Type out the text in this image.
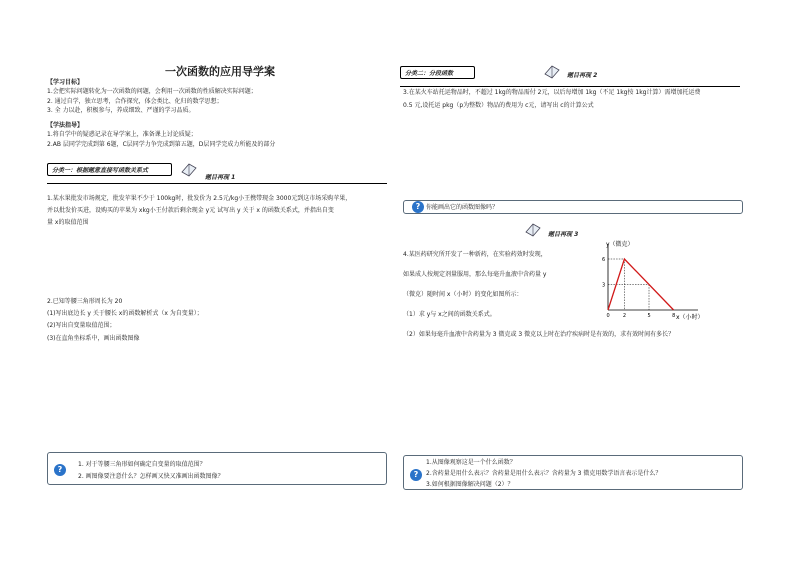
一次函数的应用导学案
【学习目标】
1.会把实际问题转化为一次函数的问题，会利用一次函数的性质解决实际问题；
2. 通过自学，独立思考，合作探究，体会类比、化归的数学思想；
3. 全 力以赴，积极参与，养成细致、严谨的学习品质。
【学法指导】
1.将自学中的疑惑记录在导学案上，准备课上讨论质疑；
2.AB 层同学完成到第 6题，C层同学力争完成到第五题，D层同学完成力所能及的部分
分类一：根据题意直接写函数关系式
题目再现 1
1.某水果批发市场规定，批发苹果不少于 100kg时，批发价为 2.5元/kg小王携带现金 3000元到这市场采购苹果，
并以批发价买进，设购买的苹果为 xkg小王付款后剩余现金 y元 试写出 y 关于 x 的函数关系式，并指出自变
量 x的取值范围
2.已知等腰三角形周长为 20
(1)写出底边长 y 关于腰长 x的函数解析式（x 为自变量）；
(2)写出自变量取值范围；
(3)在直角坐标系中，画出函数图像
?
1. 对于等腰三角形如何确定自变量的取值范围？
2. 画图像要注意什么？怎样画又快又准画出函数图像？
分类二：分段函数	题目再现 2
3.在某火车站托运物品时，不超过 1kg的物品需付 2元，以后每增加 1kg（不足 1kg按 1kg计算）需增加托运费
0.5 元,设托运 pkg（p为整数）物品的费用为 c元，请写出 c的计算公式
? 你能画出它的函数图像吗？
题目再现 3
4.某医药研究所开发了一种新药，在实验药效时发现，
如果成人按规定剂量服用，那么每毫升血液中含药量 y
（微克）随时间 x（小时）的变化如图所示：
（1）求 y与 x之间的函数关系式。
（2）如果每毫升血液中含药量为 3 微克或 3 微克以上时在治疗疾病时是有效的，求有效时间有多长？
y（微克）
x（小时）
0	2	5	8
3
6
?
1.从图像观察这是一个什么函数？
2.含药量是用什么表示？含药量是用什么表示？含药量为 3 微克用数学语言表示是什么？
3.如何根据图像解决问题（2）？
